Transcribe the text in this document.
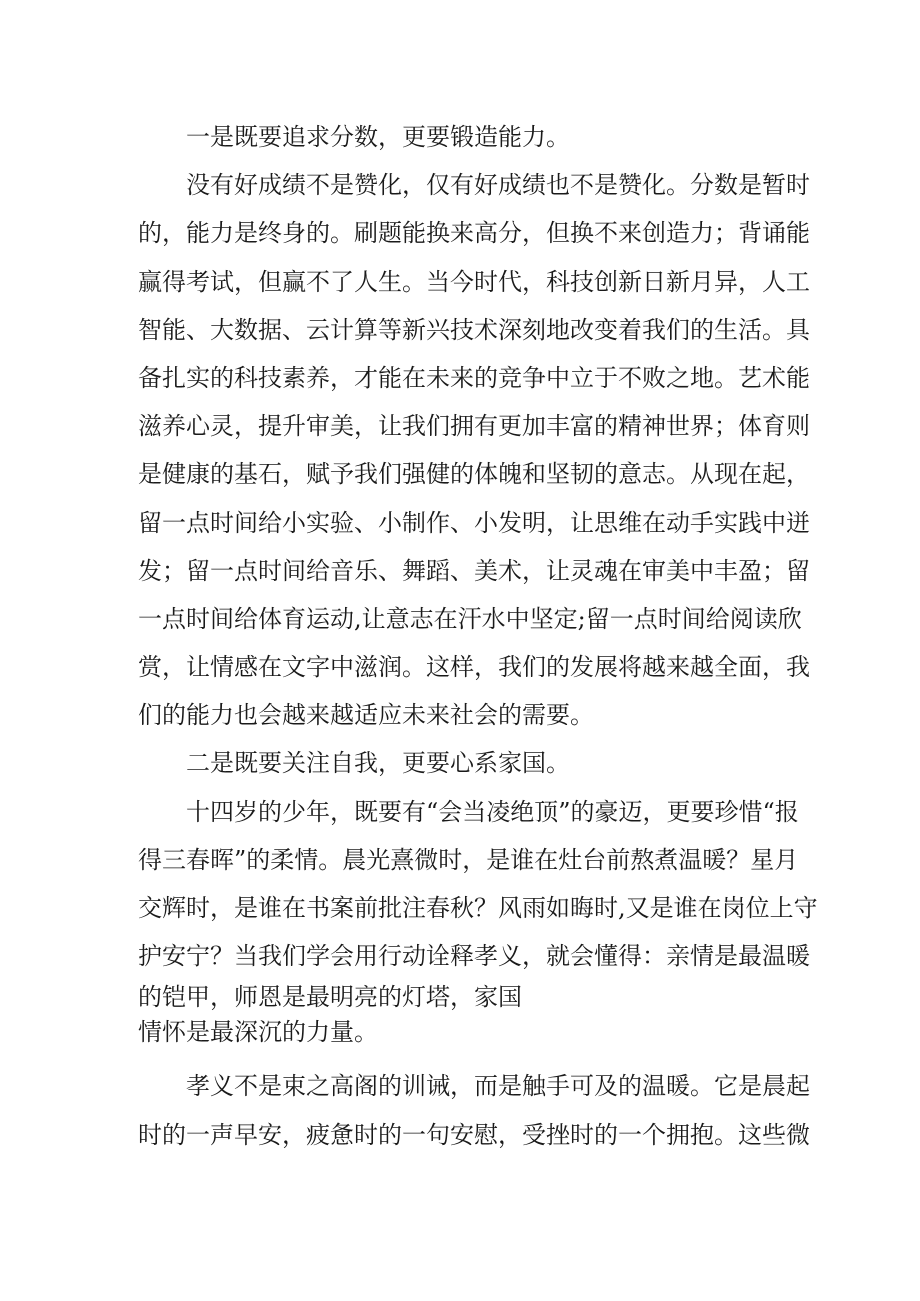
一是既要追求分数，更要锻造能力。
没有好成绩不是赞化，仅有好成绩也不是赞化。分数是暂时
的，能力是终身的。刷题能换来高分，但换不来创造力；背诵能
赢得考试，但赢不了人生。当今时代，科技创新日新月异，人工
智能、大数据、云计算等新兴技术深刻地改变着我们的生活。具
备扎实的科技素养，才能在未来的竞争中立于不败之地。艺术能
滋养心灵，提升审美，让我们拥有更加丰富的精神世界；体育则
是健康的基石，赋予我们强健的体魄和坚韧的意志。从现在起，
留一点时间给小实验、小制作、小发明，让思维在动手实践中迸
发；留一点时间给音乐、舞蹈、美术，让灵魂在审美中丰盈；留
一点时间给体育运动,让意志在汗水中坚定;留一点时间给阅读欣
赏，让情感在文字中滋润。这样，我们的发展将越来越全面，我
们的能力也会越来越适应未来社会的需要。
二是既要关注自我，更要心系家国。
十四岁的少年，既要有“会当凌绝顶”的豪迈，更要珍惜“报
得三春晖”的柔情。晨光熹微时，是谁在灶台前熬煮温暖？星月
交辉时，是谁在书案前批注春秋？风雨如晦时,又是谁在岗位上守
护安宁？当我们学会用行动诠释孝义，就会懂得：亲情是最温暖
的铠甲，师恩是最明亮的灯塔，家国
情怀是最深沉的力量。
孝义不是束之高阁的训诫，而是触手可及的温暖。它是晨起
时的一声早安，疲惫时的一句安慰，受挫时的一个拥抱。这些微
